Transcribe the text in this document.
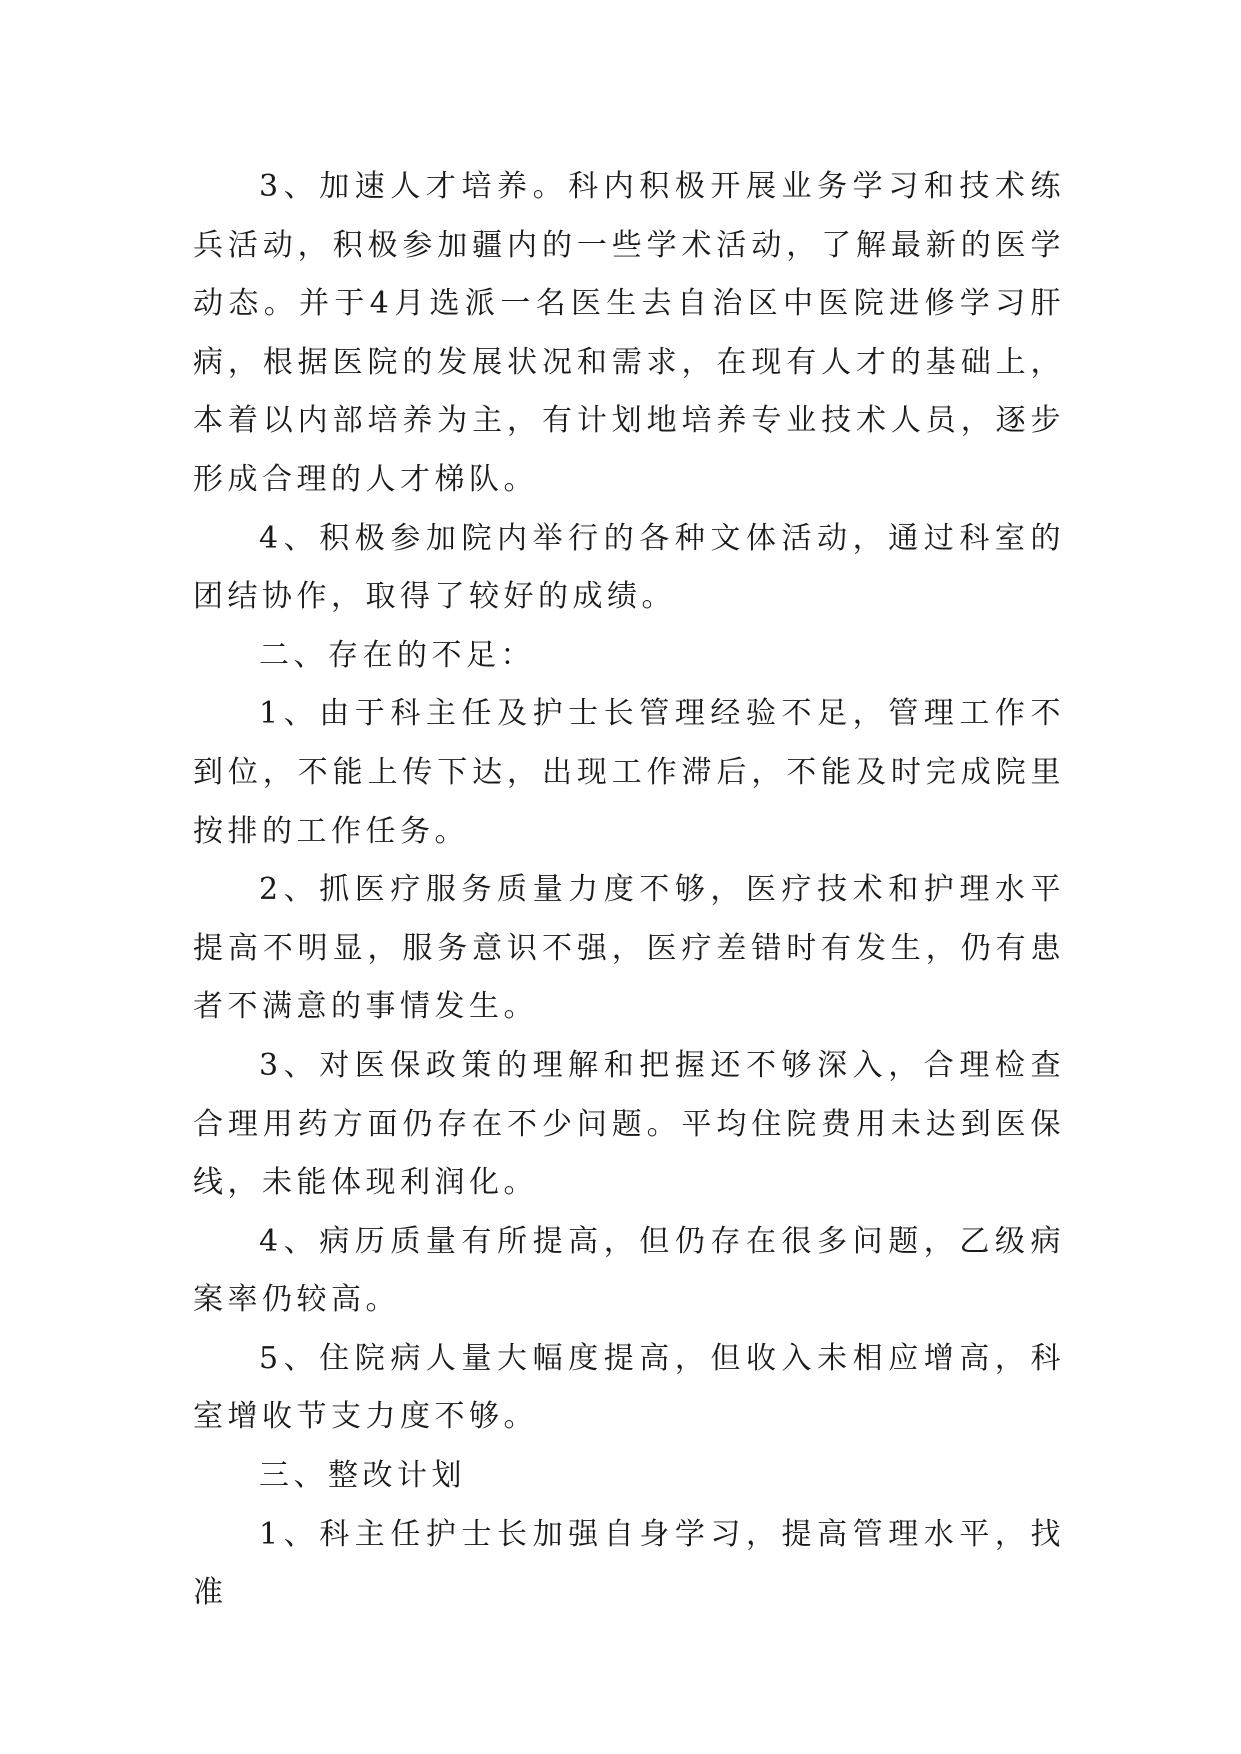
3、加速人才培养。科内积极开展业务学习和技术练兵活动，积极参加疆内的一些学术活动，了解最新的医学动态。并于4月选派一名医生去自治区中医院进修学习肝病，根据医院的发展状况和需求，在现有人才的基础上，本着以内部培养为主，有计划地培养专业技术人员，逐步形成合理的人才梯队。

4、积极参加院内举行的各种文体活动，通过科室的团结协作，取得了较好的成绩。

二、存在的不足：

1、由于科主任及护士长管理经验不足，管理工作不到位，不能上传下达，出现工作滞后，不能及时完成院里按排的工作任务。

2、抓医疗服务质量力度不够，医疗技术和护理水平提高不明显，服务意识不强，医疗差错时有发生，仍有患者不满意的事情发生。

3、对医保政策的理解和把握还不够深入，合理检查合理用药方面仍存在不少问题。平均住院费用未达到医保线，未能体现利润化。

4、病历质量有所提高，但仍存在很多问题，乙级病案率仍较高。

5、住院病人量大幅度提高，但收入未相应增高，科室增收节支力度不够。

三、整改计划

1、科主任护士长加强自身学习，提高管理水平，找准
